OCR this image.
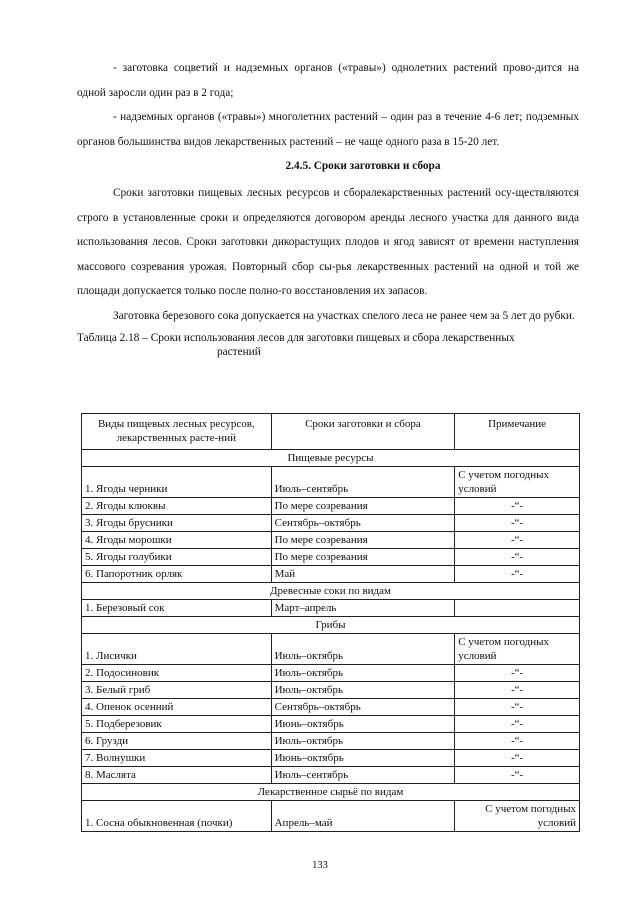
- заготовка соцветий и надземных органов («травы») однолетних растений прово-дится на одной заросли один раз в 2 года;

- надземных органов («травы») многолетних растений – один раз в течение 4-6 лет; подземных органов большинства видов лекарственных растений – не чаще одного раза в 15-20 лет.

2.4.5. Сроки заготовки и сбора

Сроки заготовки пищевых лесных ресурсов и сборалекарственных растений осу-ществляются строго в установленные сроки и определяются договором аренды лесного участка для данного вида использования лесов. Сроки заготовки дикорастущих плодов и ягод зависят от времени наступления массового созревания урожая. Повторный сбор сы-рья лекарственных растений на одной и той же площади допускается только после полно-го восстановления их запасов.

Заготовка березового сока допускается на участках спелого леса не ранее чем за 5 лет до рубки.

Таблица 2.18 – Сроки использования лесов для заготовки пищевых и сбора лекарственных
растений

Виды пищевых лесных ресурсов, лекарственных расте-ний	Сроки заготовки и сбора	Примечание
Пищевые ресурсы		
1. Ягоды черники	Июль–сентябрь	С учетом погодных условий
2. Ягоды клюквы	По мере созревания	-“-
3. Ягоды брусники	Сентябрь–октябрь	-“-
4. Ягоды морошки	По мере созревания	-“-
5. Ягоды голубики	По мере созревания	-“-
6. Папоротник орляк	Май	-“-
Древесные соки по видам		
1. Березовый сок	Март–апрель	
Грибы		
1. Лисички	Июль–октябрь	С учетом погодных условий
2. Подосиновик	Июль–октябрь	-“-
3. Белый гриб	Июль–октябрь	-“-
4. Опенок осенний	Сентябрь–октябрь	-“-
5. Подберезовик	Июнь–октябрь	-“-
6. Грузди	Июль–октябрь	-“-
7. Волнушки	Июнь–октябрь	-“-
8. Маслята	Июль–сентябрь	-“-
Лекарственное сырьё по видам		
1. Сосна обыкновенная (почки)	Апрель–май	С учетом погодных условий
133
